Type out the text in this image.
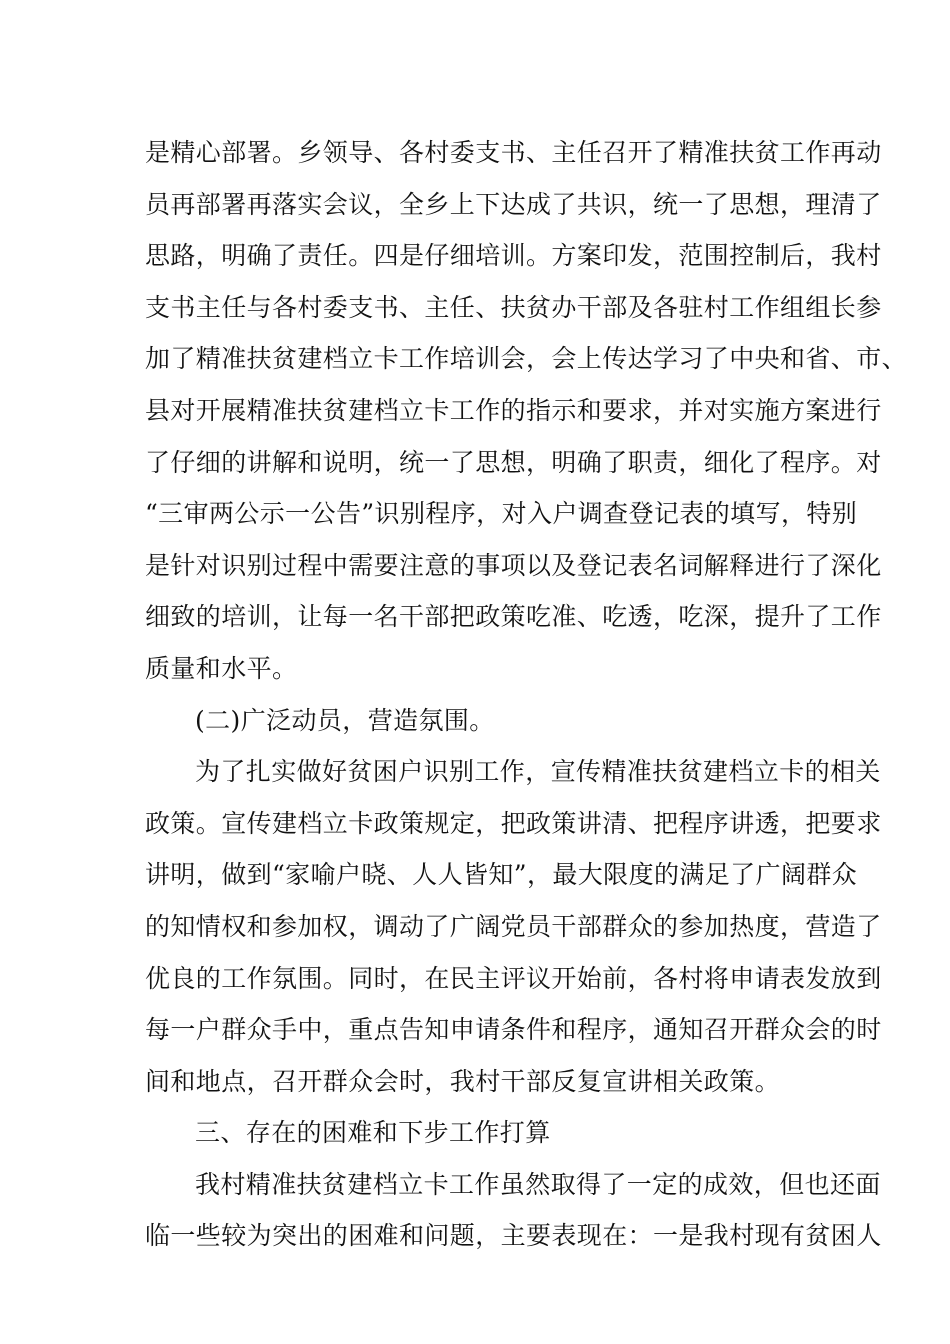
是精心部署。乡领导、各村委支书、主任召开了精准扶贫工作再动
员再部署再落实会议，全乡上下达成了共识，统一了思想，理清了
思路，明确了责任。四是仔细培训。方案印发，范围控制后，我村
支书主任与各村委支书、主任、扶贫办干部及各驻村工作组组长参
加了精准扶贫建档立卡工作培训会，会上传达学习了中央和省、市、
县对开展精准扶贫建档立卡工作的指示和要求，并对实施方案进行
了仔细的讲解和说明，统一了思想，明确了职责，细化了程序。对
“三审两公示一公告”识别程序，对入户调查登记表的填写，特别
是针对识别过程中需要注意的事项以及登记表名词解释进行了深化
细致的培训，让每一名干部把政策吃准、吃透，吃深，提升了工作
质量和水平。
(二)广泛动员，营造氛围。
为了扎实做好贫困户识别工作，宣传精准扶贫建档立卡的相关
政策。宣传建档立卡政策规定，把政策讲清、把程序讲透，把要求
讲明，做到“家喻户晓、人人皆知”，最大限度的满足了广阔群众
的知情权和参加权，调动了广阔党员干部群众的参加热度，营造了
优良的工作氛围。同时，在民主评议开始前，各村将申请表发放到
每一户群众手中，重点告知申请条件和程序，通知召开群众会的时
间和地点，召开群众会时，我村干部反复宣讲相关政策。
三、存在的困难和下步工作打算
我村精准扶贫建档立卡工作虽然取得了一定的成效，但也还面
临一些较为突出的困难和问题，主要表现在：一是我村现有贫困人
